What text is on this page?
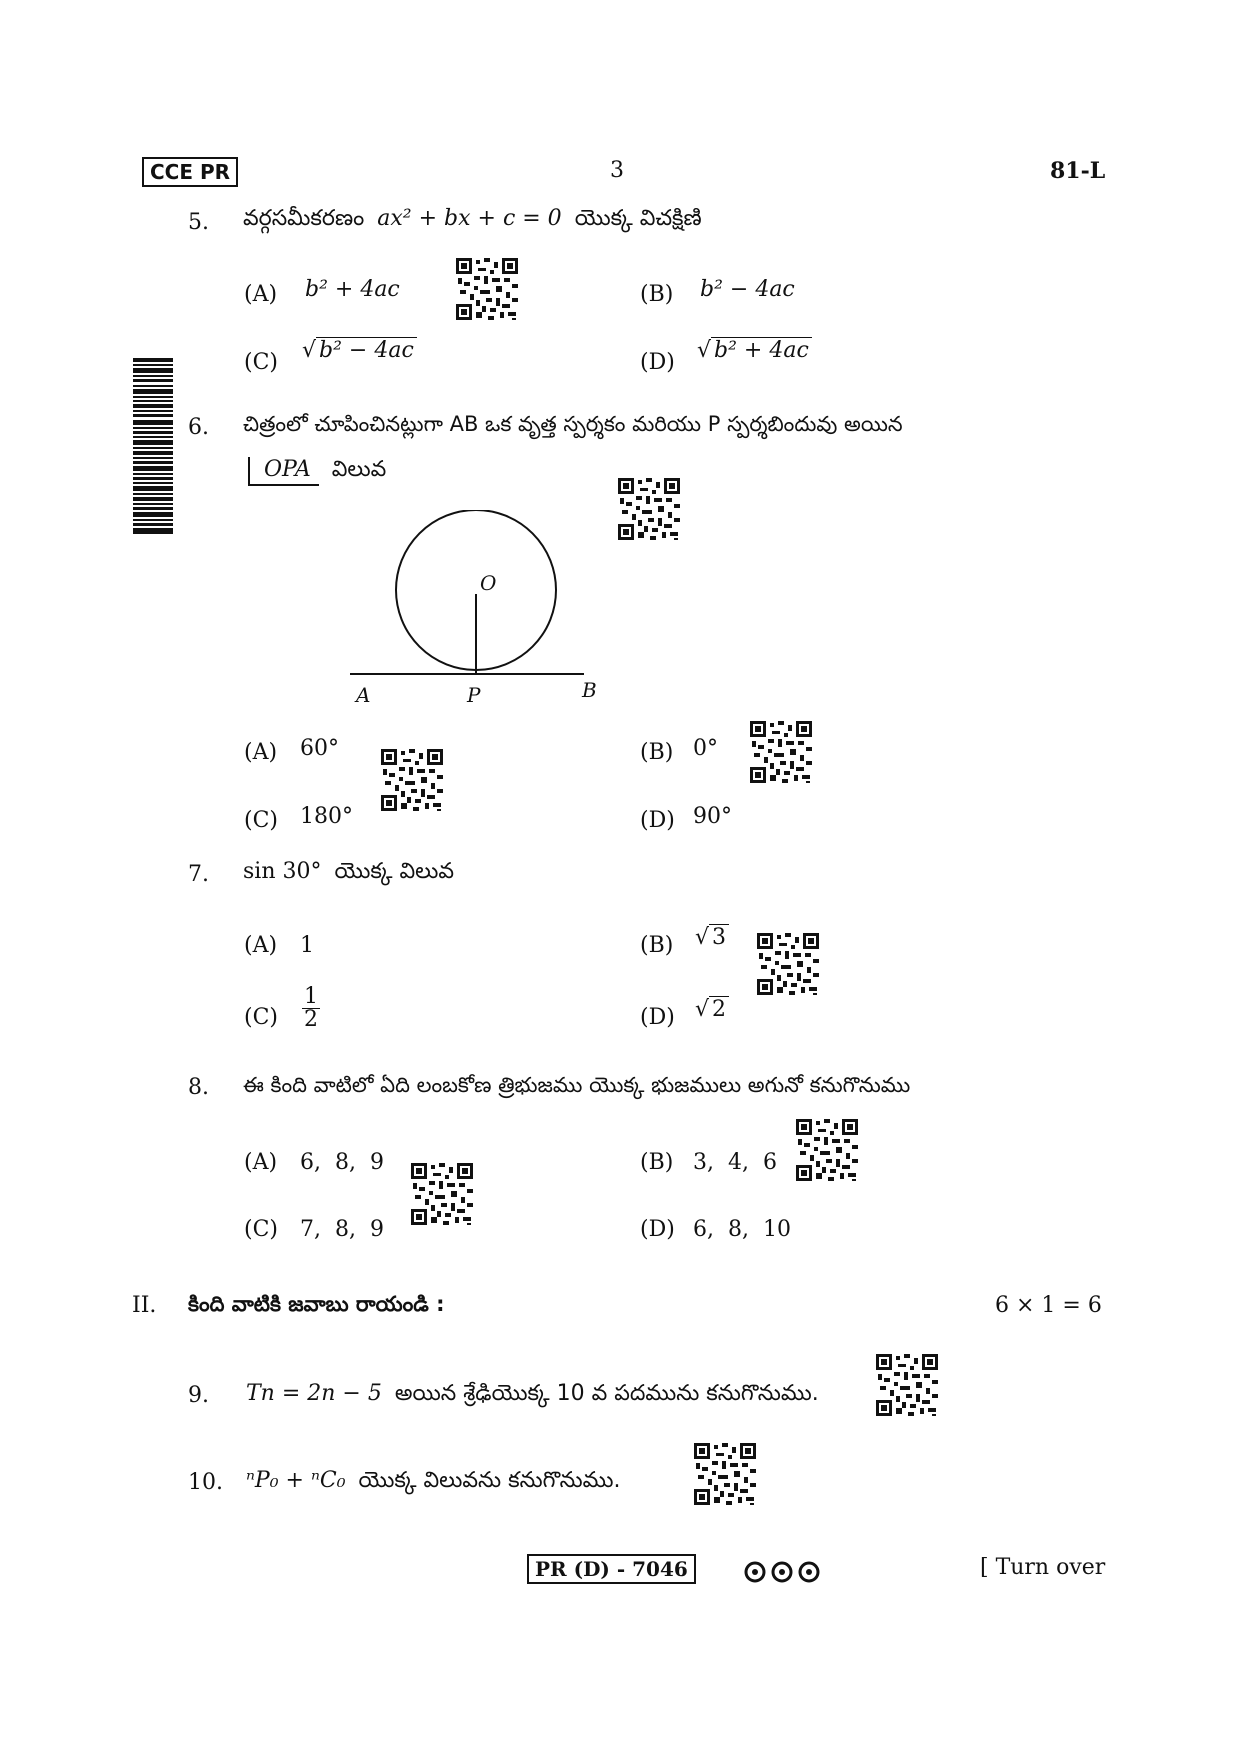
CCE PR	3	81-L
5. వర్గసమీకరణం ax² + bx + c = 0 యొక్క విచక్షిణి
(A) b² + 4ac	(B) b² − 4ac
(C) √ b² − 4ac	(D) √ b² + 4ac
6. చిత్రంలో చూపించినట్లుగా AB ఒక వృత్త స్పర్శకం మరియు P స్పర్శబిందువు అయిన
OPA విలువ
O
A	P	B
(A) 60°	(B) 0°
(C) 180°	(D) 90°
7. sin 30° యొక్క విలువ
(A) 1	(B) √ 3
$(C) \frac{1}{2}$	(D) √ 2
8. ఈ కింది వాటిలో ఏది లంబకోణ త్రిభుజము యొక్క భుజములు అగునో కనుగొనుము
(A) 6,  8,  9	(B) 3,  4,  6
(C) 7,  8,  9	(D) 6,  8,  10
II. కింది వాటికి జవాబు రాయండి :	6 × 1 = 6
9. Tn = 2n − 5 అయిన శ్రేఢియొక్క 10 వ పదమును కనుగొనుము.
10. ⁿP₀ + ⁿC₀ యొక్క విలువను కనుగొనుము.
PR (D) - 7046	[ Turn over
